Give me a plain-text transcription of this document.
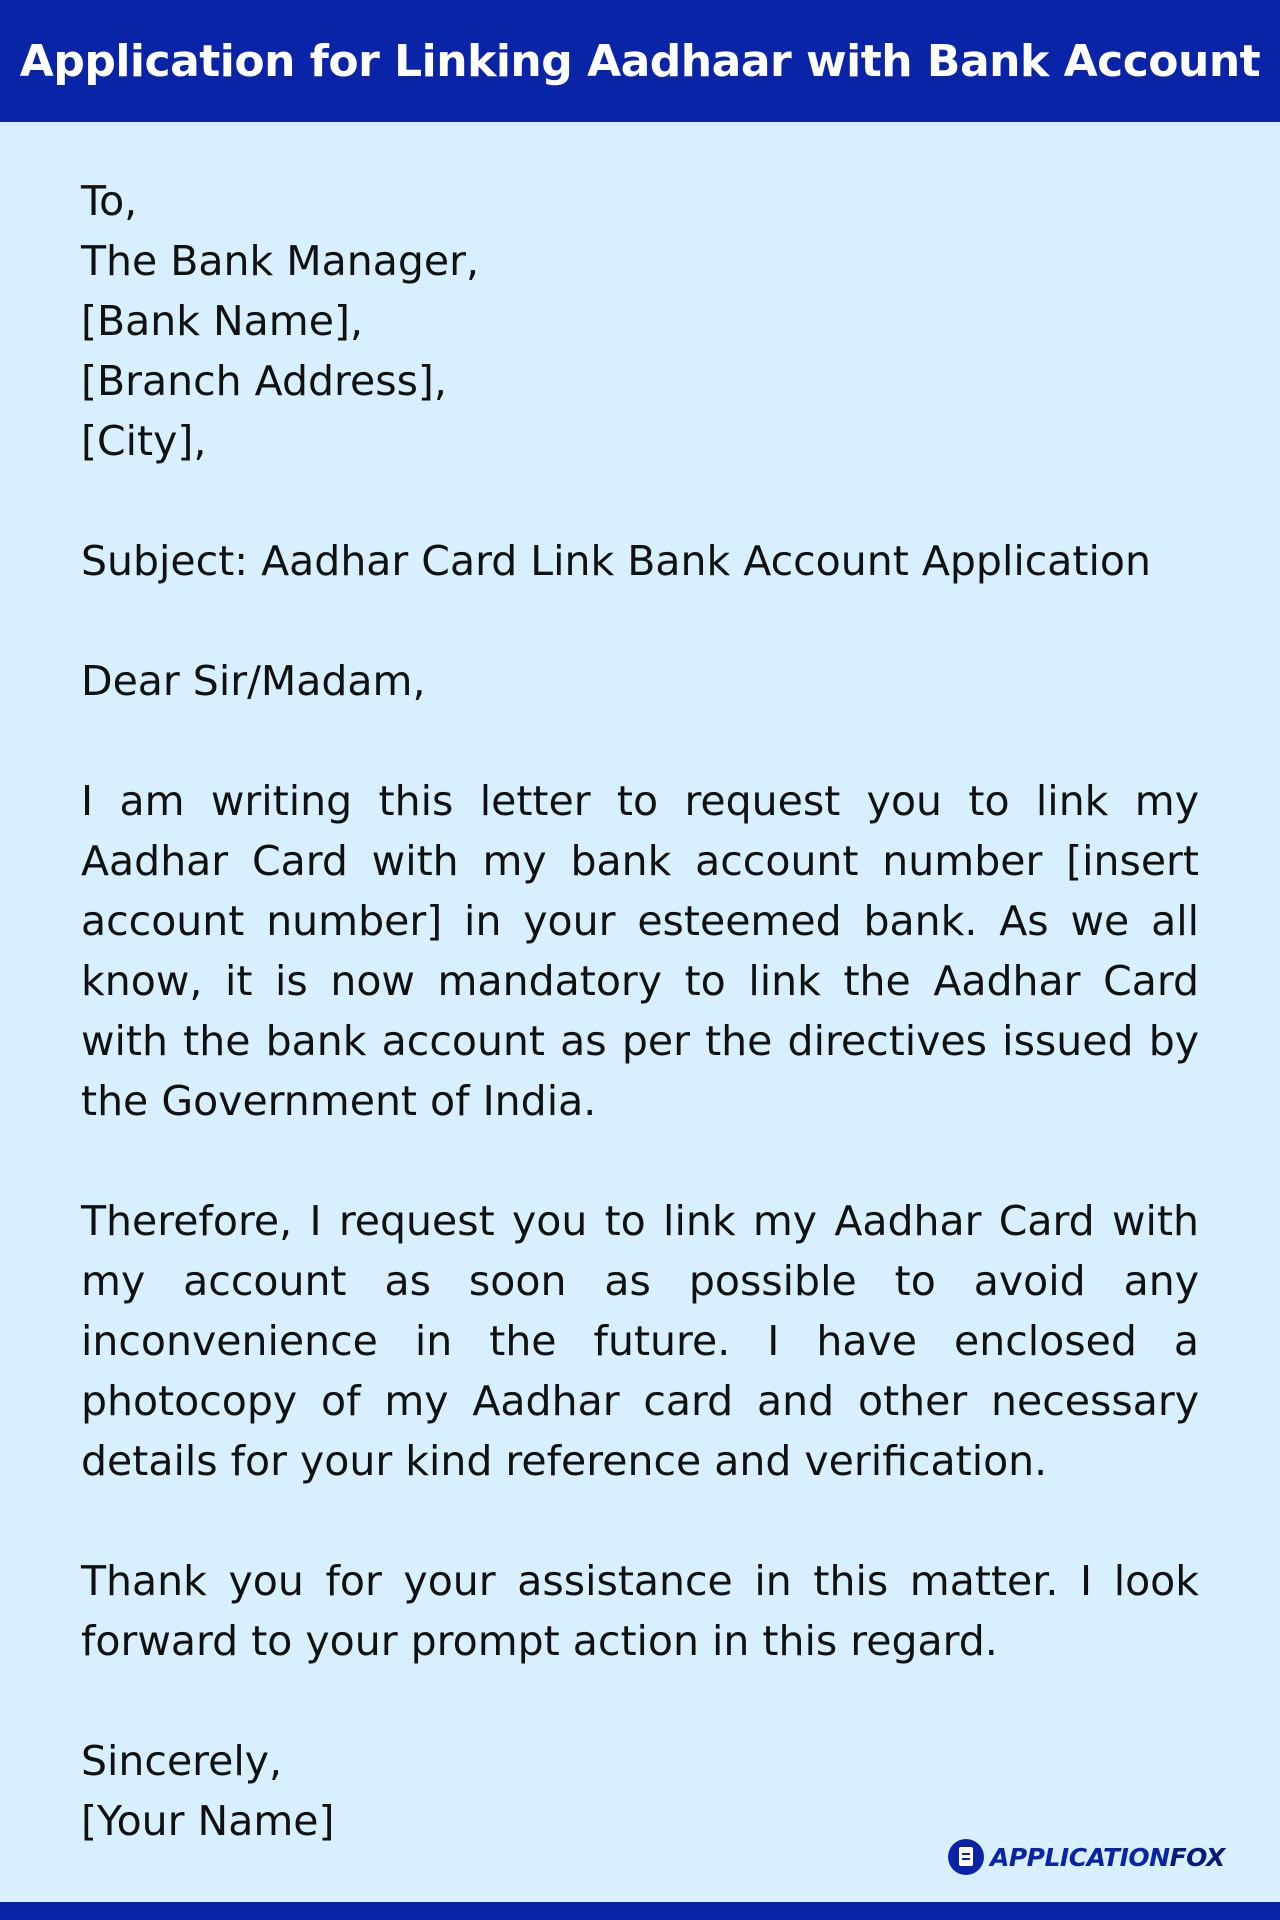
Application for Linking Aadhaar with Bank Account
To,
The Bank Manager,
[Bank Name],
[Branch Address],
[City],
Subject: Aadhar Card Link Bank Account Application
Dear Sir/Madam,

I am writing this letter to request you to link my Aadhar Card with my bank account number [insert account number] in your esteemed bank. As we all know, it is now mandatory to link the Aadhar Card with the bank account as per the directives issued by the Government of India.

Therefore, I request you to link my Aadhar Card with my account as soon as possible to avoid any inconvenience in the future. I have enclosed a photocopy of my Aadhar card and other necessary details for your kind reference and verification.

Thank you for your assistance in this matter. I look forward to your prompt action in this regard.

Sincerely,
[Your Name]
APPLICATIONFOX
